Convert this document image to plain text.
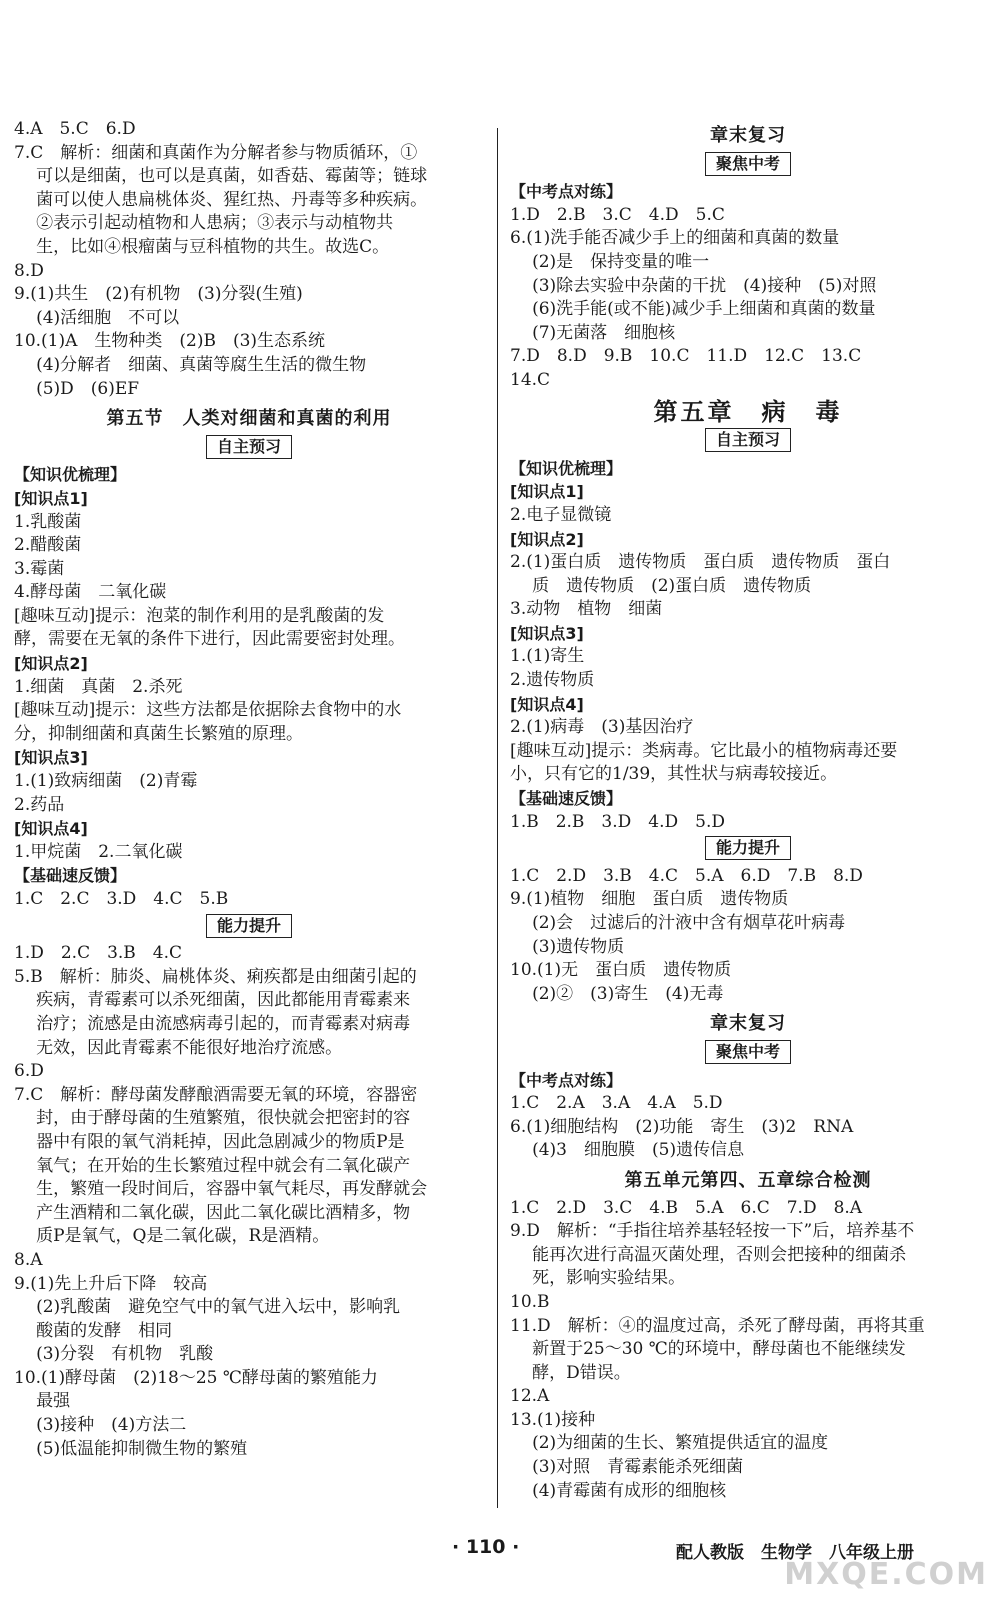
4.A　5.C　6.D
7.C　解析：细菌和真菌作为分解者参与物质循环，①
可以是细菌，也可以是真菌，如香菇、霉菌等；链球
菌可以使人患扁桃体炎、猩红热、丹毒等多种疾病。
②表示引起动植物和人患病；③表示与动植物共
生，比如④根瘤菌与豆科植物的共生。故选C。
8.D
9.(1)共生　(2)有机物　(3)分裂(生殖)
(4)活细胞　不可以
10.(1)A　生物种类　(2)B　(3)生态系统
(4)分解者　细菌、真菌等腐生生活的微生物
(5)D　(6)EF
第五节　人类对细菌和真菌的利用
自主预习
【知识优梳理】
[知识点1]
1.乳酸菌
2.醋酸菌
3.霉菌
4.酵母菌　二氧化碳
[趣味互动]提示：泡菜的制作利用的是乳酸菌的发
酵，需要在无氧的条件下进行，因此需要密封处理。
[知识点2]
1.细菌　真菌　2.杀死
[趣味互动]提示：这些方法都是依据除去食物中的水
分，抑制细菌和真菌生长繁殖的原理。
[知识点3]
1.(1)致病细菌　(2)青霉
2.药品
[知识点4]
1.甲烷菌　2.二氧化碳
【基础速反馈】
1.C　2.C　3.D　4.C　5.B
能力提升
1.D　2.C　3.B　4.C
5.B　解析：肺炎、扁桃体炎、痢疾都是由细菌引起的
疾病，青霉素可以杀死细菌，因此都能用青霉素来
治疗；流感是由流感病毒引起的，而青霉素对病毒
无效，因此青霉素不能很好地治疗流感。
6.D
7.C　解析：酵母菌发酵酿酒需要无氧的环境，容器密
封，由于酵母菌的生殖繁殖，很快就会把密封的容
器中有限的氧气消耗掉，因此急剧减少的物质P是
氧气；在开始的生长繁殖过程中就会有二氧化碳产
生，繁殖一段时间后，容器中氧气耗尽，再发酵就会
产生酒精和二氧化碳，因此二氧化碳比酒精多，物
质P是氧气，Q是二氧化碳，R是酒精。
8.A
9.(1)先上升后下降　较高
(2)乳酸菌　避免空气中的氧气进入坛中，影响乳
酸菌的发酵　相同
(3)分裂　有机物　乳酸
10.(1)酵母菌　(2)18～25 ℃酵母菌的繁殖能力
最强
(3)接种　(4)方法二
(5)低温能抑制微生物的繁殖
章末复习
聚焦中考
【中考点对练】
1.D　2.B　3.C　4.D　5.C
6.(1)洗手能否减少手上的细菌和真菌的数量
(2)是　保持变量的唯一
(3)除去实验中杂菌的干扰　(4)接种　(5)对照
(6)洗手能(或不能)减少手上细菌和真菌的数量
(7)无菌落　细胞核
7.D　8.D　9.B　10.C　11.D　12.C　13.C
14.C
第五章　病　毒
自主预习
【知识优梳理】
[知识点1]
2.电子显微镜
[知识点2]
2.(1)蛋白质　遗传物质　蛋白质　遗传物质　蛋白
质　遗传物质　(2)蛋白质　遗传物质
3.动物　植物　细菌
[知识点3]
1.(1)寄生
2.遗传物质
[知识点4]
2.(1)病毒　(3)基因治疗
[趣味互动]提示：类病毒。它比最小的植物病毒还要
小，只有它的1/39，其性状与病毒较接近。
【基础速反馈】
1.B　2.B　3.D　4.D　5.D
能力提升
1.C　2.D　3.B　4.C　5.A　6.D　7.B　8.D
9.(1)植物　细胞　蛋白质　遗传物质
(2)会　过滤后的汁液中含有烟草花叶病毒
(3)遗传物质
10.(1)无　蛋白质　遗传物质
(2)②　(3)寄生　(4)无毒
章末复习
聚焦中考
【中考点对练】
1.C　2.A　3.A　4.A　5.D
6.(1)细胞结构　(2)功能　寄生　(3)2　RNA
(4)3　细胞膜　(5)遗传信息
第五单元第四、五章综合检测
1.C　2.D　3.C　4.B　5.A　6.C　7.D　8.A
9.D　解析：“手指往培养基轻轻按一下”后，培养基不
能再次进行高温灭菌处理，否则会把接种的细菌杀
死，影响实验结果。
10.B
11.D　解析：④的温度过高，杀死了酵母菌，再将其重
新置于25～30 ℃的环境中，酵母菌也不能继续发
酵，D错误。
12.A
13.(1)接种
(2)为细菌的生长、繁殖提供适宜的温度
(3)对照　青霉素能杀死细菌
(4)青霉菌有成形的细胞核
· 110 ·	配人教版　生物学　八年级上册
MXQE.COM
